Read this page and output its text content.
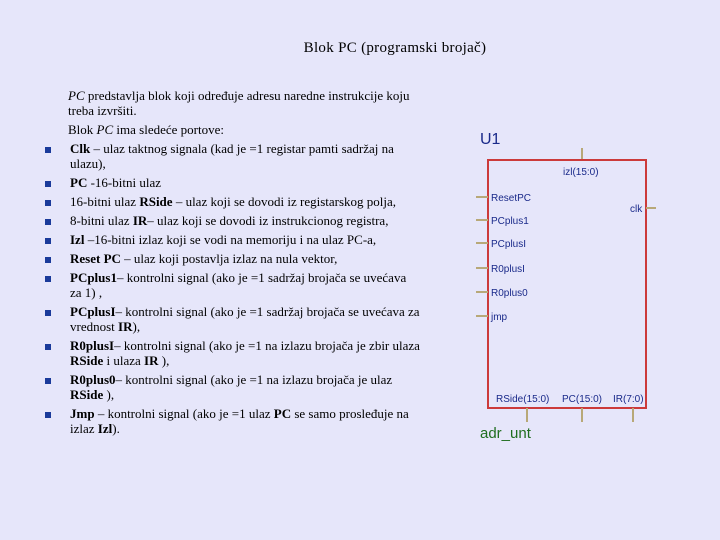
Blok PC (programski brojač)
PC predstavlja blok koji određuje adresu naredne instrukcije koju treba izvršiti.
Blok PC ima sledeće portove:
Clk – ulaz taktnog signala (kad je =1 registar pamti sadržaj na ulazu),
PC -16-bitni ulaz
16-bitni ulaz RSide – ulaz koji se dovodi iz registarskog polja,
8-bitni ulaz IR– ulaz koji se dovodi iz instrukcionog registra,
Izl –16-bitni izlaz koji se vodi na memoriju i na ulaz PC-a,
Reset PC – ulaz koji postavlja izlaz na nula vektor,
PCplus1– kontrolni signal (ako je =1 sadržaj brojača se uvećava za 1) ,
PCplusI– kontrolni signal (ako je =1 sadržaj brojača se uvećava za vrednost IR),
R0plusI– kontrolni signal (ako je =1 na izlazu brojača je zbir ulaza RSide i ulaza IR ),
R0plus0– kontrolni signal (ako je =1 na izlazu brojača je ulaz RSide ),
Jmp – kontrolni signal (ako je =1 ulaz PC se samo prosleđuje na izlaz Izl).
U1
izl(15:0)
clk
ResetPC
PCplus1
PCplusI
R0plusI
R0plus0
jmp
RSide(15:0) PC(15:0) IR(7:0)
adr_unt
